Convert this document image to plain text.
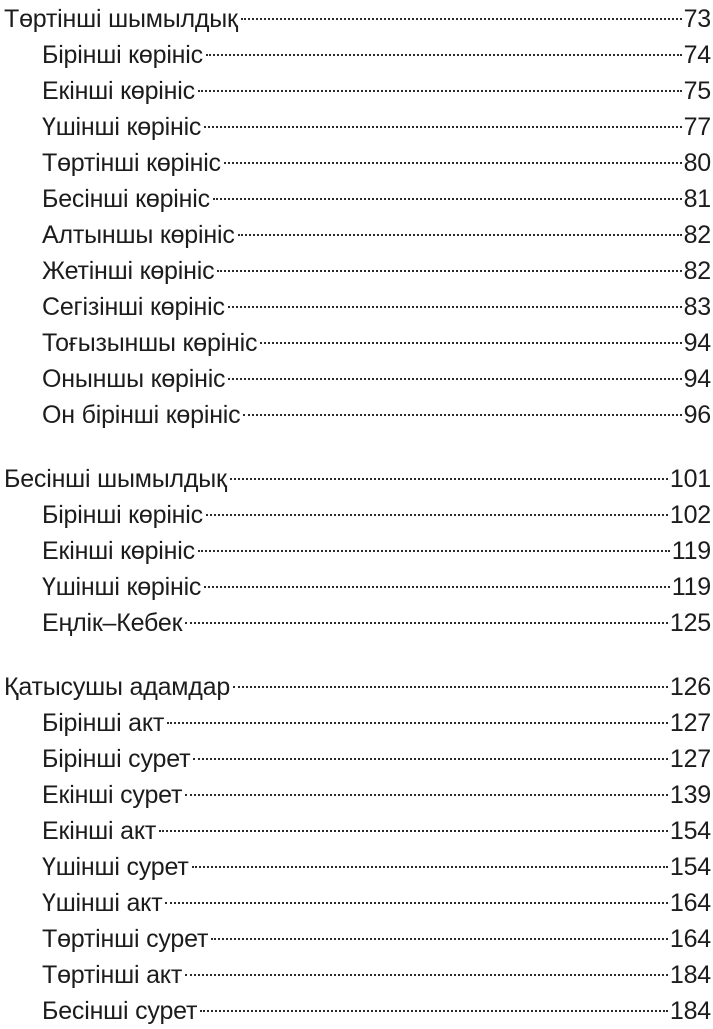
Төртінші шымылдық	73
Бірінші көрініс	74
Екінші көрініс	75
Үшінші көрініс	77
Төртінші көрініс	80
Бесінші көрініс	81
Алтыншы көрініс	82
Жетінші көрініс	82
Сегізінші көрініс	83
Тоғызыншы көрініс	94
Оныншы көрініс	94
Он бірінші көрініс	96
Бесінші шымылдық	101
Бірінші көрініс	102
Екінші көрініс	119
Үшінші көрініс	119
Еңлік–Кебек	125
Қатысушы адамдар	126
Бірінші акт	127
Бірінші сурет	127
Екінші сурет	139
Екінші акт	154
Үшінші сурет	154
Үшінші акт	164
Төртінші сурет	164
Төртінші акт	184
Бесінші сурет	184
